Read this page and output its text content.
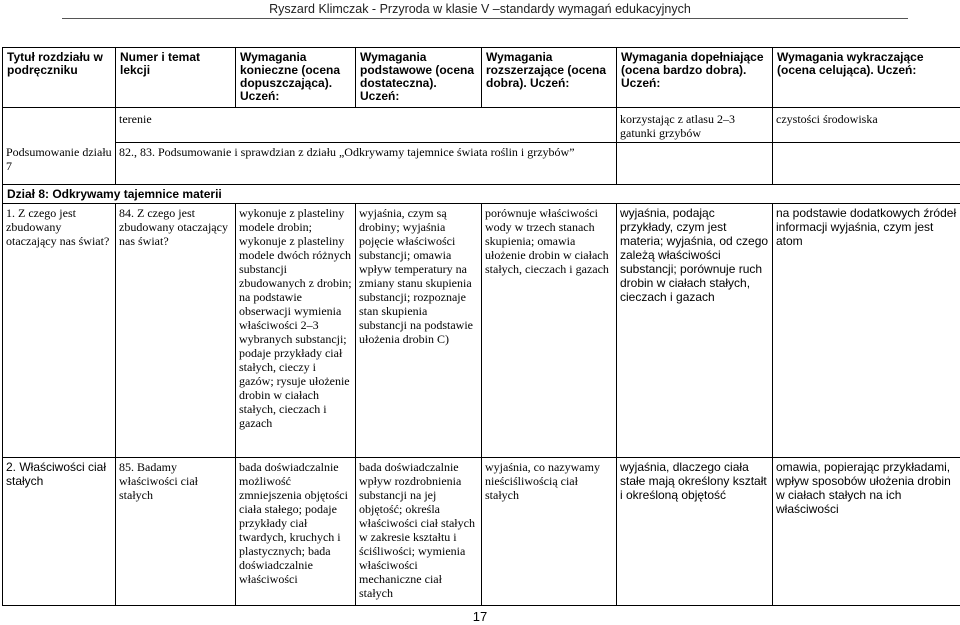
Ryszard Klimczak - Przyroda w klasie V –standardy wymagań edukacyjnych
Tytuł rozdziału w podręczniku	Numer i temat lekcji	Wymagania konieczne (ocena dopuszczająca). Uczeń:	Wymagania podstawowe (ocena dostateczna). Uczeń:	Wymagania rozszerzające (ocena dobra). Uczeń:	Wymagania dopełniające (ocena bardzo dobra). Uczeń:	Wymagania wykraczające (ocena celująca). Uczeń:
	terenie				korzystając z atlasu 2–3 gatunki grzybów	czystości środowiska
Podsumowanie działu 7	82., 83. Podsumowanie i sprawdzian z działu „Odkrywamy tajemnice świata roślin i grzybów”					
Dział 8: Odkrywamy tajemnice materii						
1. Z czego jest zbudowany otaczający nas świat?	84. Z czego jest zbudowany otaczający nas świat?	wykonuje z plasteliny modele drobin; wykonuje z plasteliny modele dwóch różnych substancji zbudowanych z drobin; na podstawie obserwacji wymienia właściwości 2–3 wybranych substancji; podaje przykłady ciał stałych, cieczy i gazów; rysuje ułożenie drobin w ciałach stałych, cieczach i gazach	wyjaśnia, czym są drobiny; wyjaśnia pojęcie właściwości substancji; omawia wpływ temperatury na zmiany stanu skupienia substancji; rozpoznaje stan skupienia substancji na podstawie ułożenia drobin C)	porównuje właściwości wody w trzech stanach skupienia; omawia ułożenie drobin w ciałach stałych, cieczach i gazach	wyjaśnia, podając przykłady, czym jest materia; wyjaśnia, od czego zależą właściwości substancji; porównuje ruch drobin w ciałach stałych, cieczach i gazach	na podstawie dodatkowych źródeł informacji wyjaśnia, czym jest atom
2. Właściwości ciał stałych	85. Badamy właściwości ciał stałych	bada doświadczalnie możliwość zmniejszenia objętości ciała stałego; podaje przykłady ciał twardych, kruchych i plastycznych; bada doświadczalnie właściwości	bada doświadczalnie wpływ rozdrobnienia substancji na jej objętość; określa właściwości ciał stałych w zakresie kształtu i ściśliwości; wymienia właściwości mechaniczne ciał stałych	wyjaśnia, co nazywamy nieściśliwością ciał stałych	wyjaśnia, dlaczego ciała stałe mają określony kształt i określoną objętość	omawia, popierając przykładami, wpływ sposobów ułożenia drobin w ciałach stałych na ich właściwości
17
